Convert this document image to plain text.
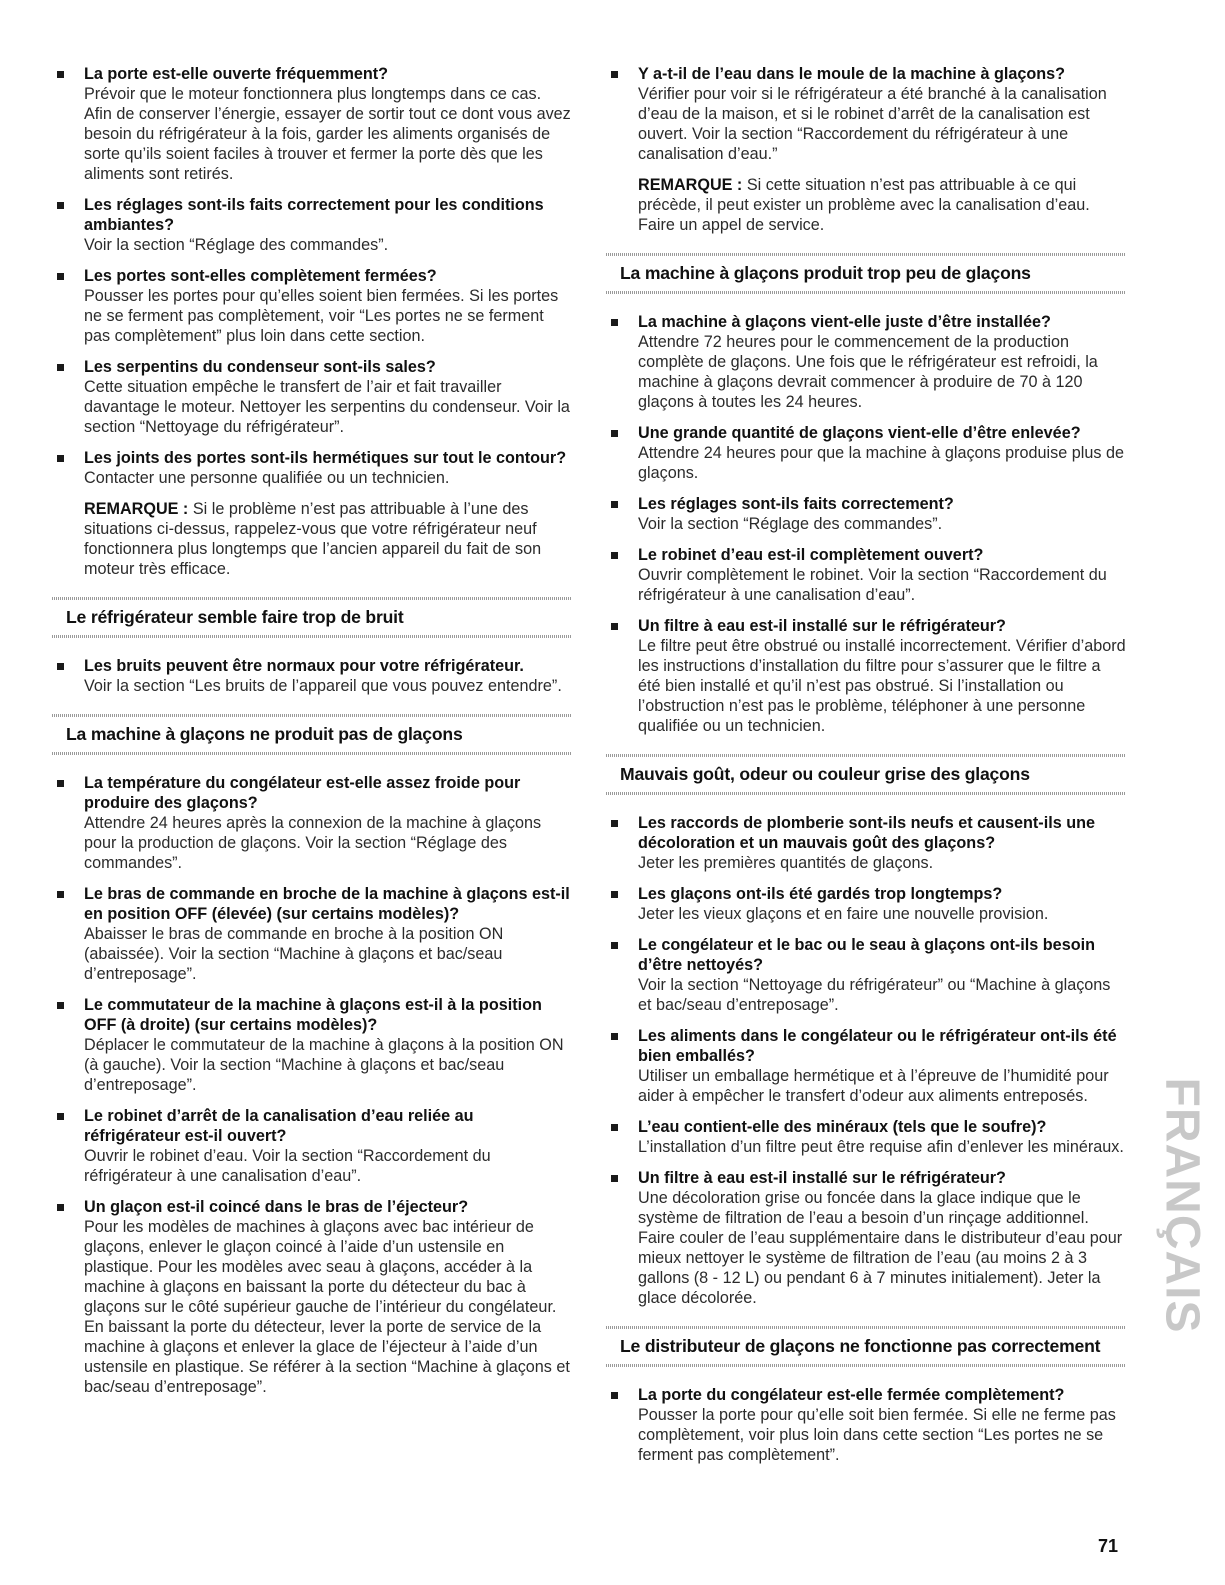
La porte est-elle ouverte fréquemment?
Prévoir que le moteur fonctionnera plus longtemps dans ce cas. Afin de conserver l’énergie, essayer de sortir tout ce dont vous avez besoin du réfrigérateur à la fois, garder les aliments organisés de sorte qu’ils soient faciles à trouver et fermer la porte dès que les aliments sont retirés.
Les réglages sont-ils faits correctement pour les conditions ambiantes?
Voir la section “Réglage des commandes”.
Les portes sont-elles complètement fermées?
Pousser les portes pour qu’elles soient bien fermées. Si les portes ne se ferment pas complètement, voir “Les portes ne se ferment pas complètement” plus loin dans cette section.
Les serpentins du condenseur sont-ils sales?
Cette situation empêche le transfert de l’air et fait travailler davantage le moteur. Nettoyer les serpentins du condenseur. Voir la section “Nettoyage du réfrigérateur”.
Les joints des portes sont-ils hermétiques sur tout le contour?
Contacter une personne qualifiée ou un technicien.
REMARQUE : Si le problème n’est pas attribuable à l’une des situations ci-dessus, rappelez-vous que votre réfrigérateur neuf fonctionnera plus longtemps que l’ancien appareil du fait de son moteur très efficace.
Le réfrigérateur semble faire trop de bruit
Les bruits peuvent être normaux pour votre réfrigérateur.
Voir la section “Les bruits de l’appareil que vous pouvez entendre”.
La machine à glaçons ne produit pas de glaçons
La température du congélateur est-elle assez froide pour produire des glaçons?
Attendre 24 heures après la connexion de la machine à glaçons pour la production de glaçons. Voir la section “Réglage des commandes”.
Le bras de commande en broche de la machine à glaçons est-il en position OFF (élevée) (sur certains modèles)?
Abaisser le bras de commande en broche à la position ON (abaissée). Voir la section “Machine à glaçons et bac/seau d’entreposage”.
Le commutateur de la machine à glaçons est-il à la position OFF (à droite) (sur certains modèles)?
Déplacer le commutateur de la machine à glaçons à la position ON (à gauche). Voir la section “Machine à glaçons et bac/seau d’entreposage”.
Le robinet d’arrêt de la canalisation d’eau reliée au réfrigérateur est-il ouvert?
Ouvrir le robinet d’eau. Voir la section “Raccordement du réfrigérateur à une canalisation d’eau”.
Un glaçon est-il coincé dans le bras de l’éjecteur?
Pour les modèles de machines à glaçons avec bac intérieur de glaçons, enlever le glaçon coincé à l’aide d’un ustensile en plastique. Pour les modèles avec seau à glaçons, accéder à la machine à glaçons en baissant la porte du détecteur du bac à glaçons sur le côté supérieur gauche de l’intérieur du congélateur. En baissant la porte du détecteur, lever la porte de service de la machine à glaçons et enlever la glace de l’éjecteur à l’aide d’un ustensile en plastique. Se référer à la section “Machine à glaçons et bac/seau d’entreposage”.
Y a-t-il de l’eau dans le moule de la machine à glaçons?
Vérifier pour voir si le réfrigérateur a été branché à la canalisation d’eau de la maison, et si le robinet d’arrêt de la canalisation est ouvert. Voir la section “Raccordement du réfrigérateur à une canalisation d’eau.”
REMARQUE : Si cette situation n’est pas attribuable à ce qui précède, il peut exister un problème avec la canalisation d’eau. Faire un appel de service.
La machine à glaçons produit trop peu de glaçons
La machine à glaçons vient-elle juste d’être installée?
Attendre 72 heures pour le commencement de la production complète de glaçons. Une fois que le réfrigérateur est refroidi, la machine à glaçons devrait commencer à produire de 70 à 120 glaçons à toutes les 24 heures.
Une grande quantité de glaçons vient-elle d’être enlevée?
Attendre 24 heures pour que la machine à glaçons produise plus de glaçons.
Les réglages sont-ils faits correctement?
Voir la section “Réglage des commandes”.
Le robinet d’eau est-il complètement ouvert?
Ouvrir complètement le robinet. Voir la section “Raccordement du réfrigérateur à une canalisation d’eau”.
Un filtre à eau est-il installé sur le réfrigérateur?
Le filtre peut être obstrué ou installé incorrectement. Vérifier d’abord les instructions d’installation du filtre pour s’assurer que le filtre a été bien installé et qu’il n’est pas obstrué. Si l’installation ou l’obstruction n’est pas le problème, téléphoner à une personne qualifiée ou un technicien.
Mauvais goût, odeur ou couleur grise des glaçons
Les raccords de plomberie sont-ils neufs et causent-ils une décoloration et un mauvais goût des glaçons?
Jeter les premières quantités de glaçons.
Les glaçons ont-ils été gardés trop longtemps?
Jeter les vieux glaçons et en faire une nouvelle provision.
Le congélateur et le bac ou le seau à glaçons ont-ils besoin d’être nettoyés?
Voir la section “Nettoyage du réfrigérateur” ou “Machine à glaçons et bac/seau d’entreposage”.
Les aliments dans le congélateur ou le réfrigérateur ont-ils été bien emballés?
Utiliser un emballage hermétique et à l’épreuve de l’humidité pour aider à empêcher le transfert d’odeur aux aliments entreposés.
L’eau contient-elle des minéraux (tels que le soufre)?
L’installation d’un filtre peut être requise afin d’enlever les minéraux.
Un filtre à eau est-il installé sur le réfrigérateur?
Une décoloration grise ou foncée dans la glace indique que le système de filtration de l’eau a besoin d’un rinçage additionnel. Faire couler de l’eau supplémentaire dans le distributeur d’eau pour mieux nettoyer le système de filtration de l’eau (au moins 2 à 3 gallons (8 - 12 L) ou pendant 6 à 7 minutes initialement). Jeter la glace décolorée.
Le distributeur de glaçons ne fonctionne pas correctement
La porte du congélateur est-elle fermée complètement?
Pousser la porte pour qu’elle soit bien fermée. Si elle ne ferme pas complètement, voir plus loin dans cette section “Les portes ne se ferment pas complètement”.
FRANÇAIS
71
